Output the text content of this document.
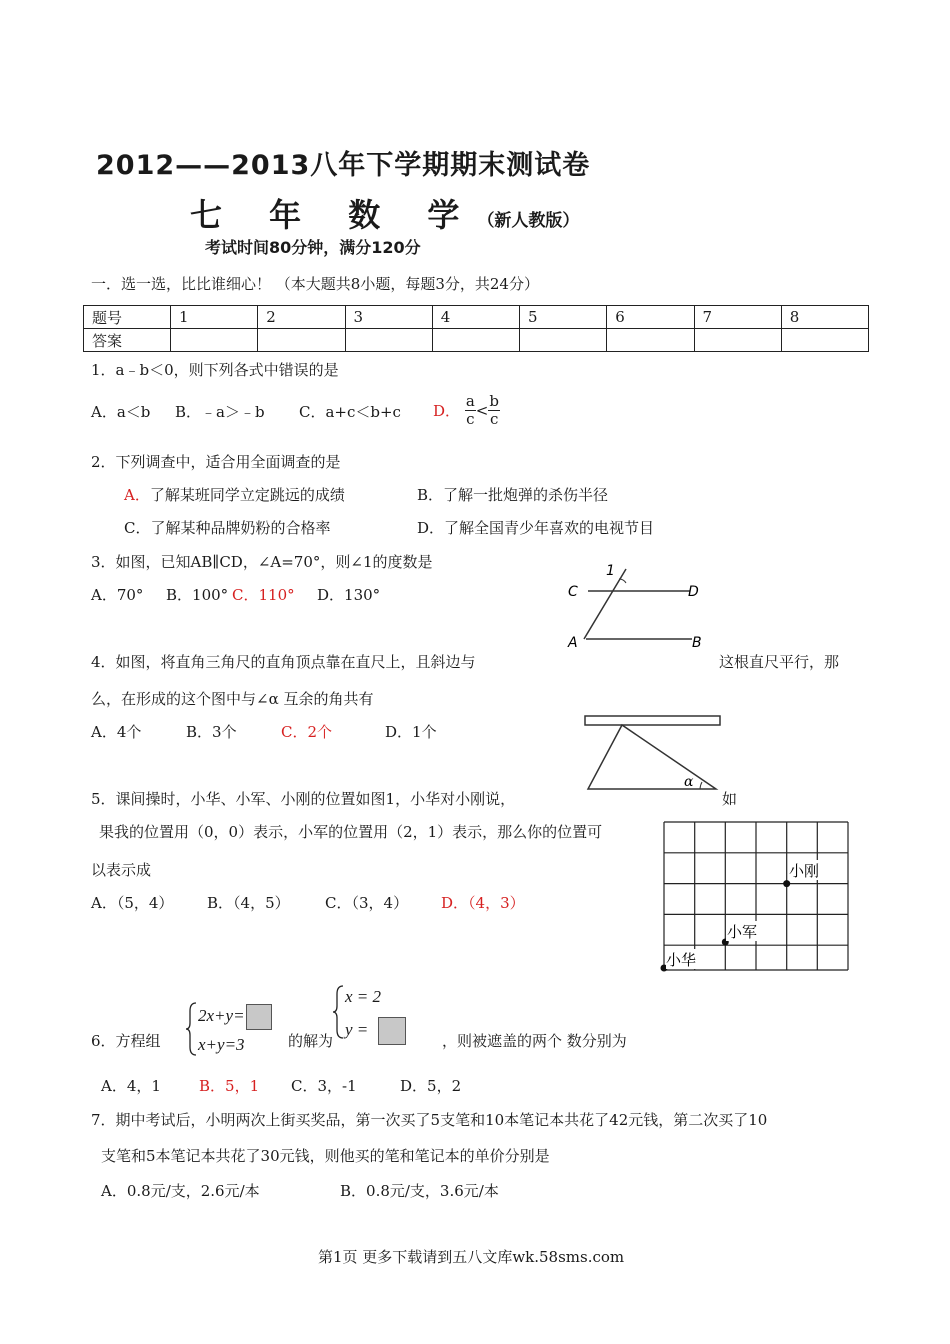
2012——2013八年下学期期末测试卷
七 年 数 学（新人教版）
考试时间80分钟，满分120分
一．选一选，比比谁细心！ （本大题共8小题，每题3分，共24分）
题号	1	2	3	4	5	6	7	8
答案								
1．a﹣b＜0，则下列各式中错误的是
A．a＜b B．﹣a＞﹣b C．a+c＜b+c D． $\frac{a}{c} < \frac{b}{c}$
2．下列调查中，适合用全面调查的是
A．了解某班同学立定跳远的成绩	B．了解一批炮弹的杀伤半径
C．了解某种品牌奶粉的合格率	D．了解全国青少年喜欢的电视节目
3．如图，已知AB∥CD，∠A=70°，则∠1的度数是
A．70° B．100° C．110° D．130°
1
C	D
A	B
4．如图，将直角三角尺的直角顶点靠在直尺上，且斜边与	这根直尺平行，那
么，在形成的这个图中与∠α 互余的角共有
A．4个	B．3个	C．2个	D．1个
α
5．课间操时，小华、小军、小刚的位置如图1，小华对小刚说，	如
果我的位置用（0，0）表示，小军的位置用（2，1）表示，那么你的位置可
以表示成
A．（5，4） B．（4，5） C．（3，4） D．（4，3）
小刚
小军
小华
6．方程组
2x+y=
x+y=3	的解为
x = 2
y =
，则被遮盖的两个 数分别为
A．4，1	B．5，1 C．3，-1	D．5，2
7．期中考试后，小明两次上街买奖品，第一次买了5支笔和10本笔记本共花了42元钱，第二次买了10
支笔和5本笔记本共花了30元钱，则他买的笔和笔记本的单价分别是
A．0.8元/支，2.6元/本	B．0.8元/支，3.6元/本
第1页 更多下载请到五八文库wk.58sms.com
